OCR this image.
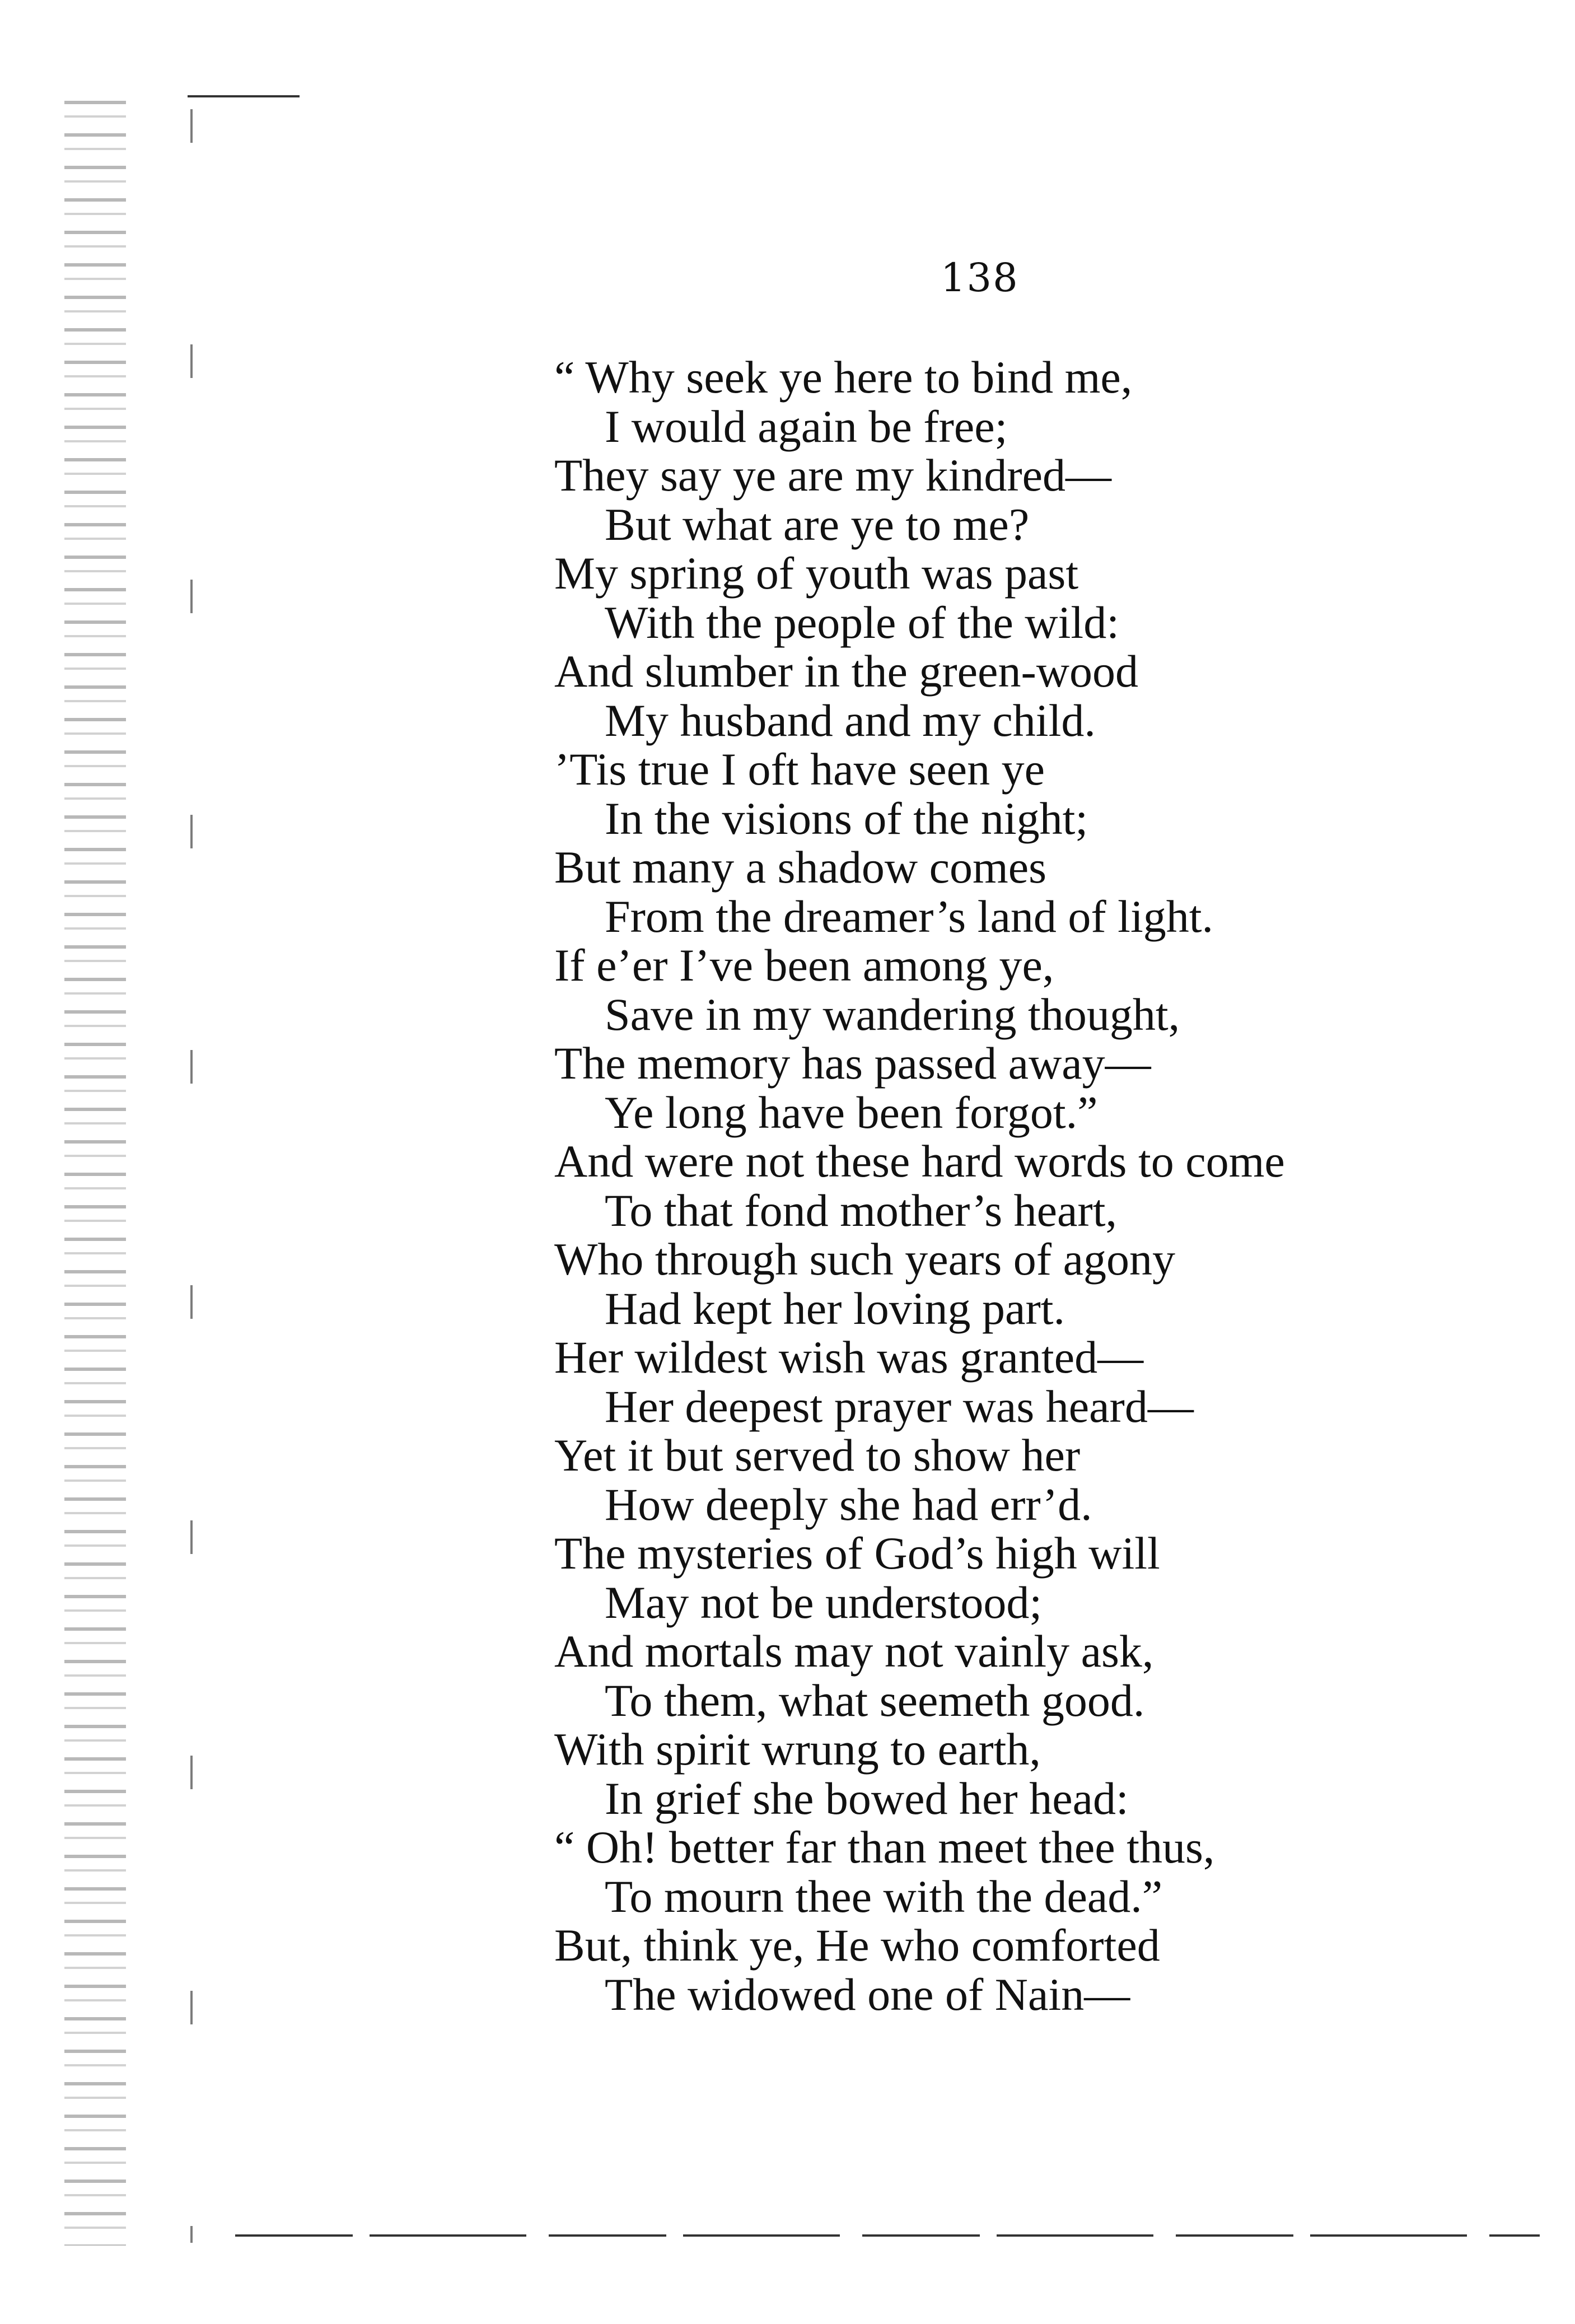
138
“ Why seek ye here to bind me,
I would again be free;
They say ye are my kindred—
But what are ye to me?
My spring of youth was past
With the people of the wild:
And slumber in the green-wood
My husband and my child.
’Tis true I oft have seen ye
In the visions of the night;
But many a shadow comes
From the dreamer’s land of light.
If e’er I’ve been among ye,
Save in my wandering thought,
The memory has passed away—
Ye long have been forgot.”
And were not these hard words to come
To that fond mother’s heart,
Who through such years of agony
Had kept her loving part.
Her wildest wish was granted—
Her deepest prayer was heard—
Yet it but served to show her
How deeply she had err’d.
The mysteries of God’s high will
May not be understood;
And mortals may not vainly ask,
To them, what seemeth good.
With spirit wrung to earth,
In grief she bowed her head:
“ Oh! better far than meet thee thus,
To mourn thee with the dead.”
But, think ye, He who comforted
The widowed one of Nain—
